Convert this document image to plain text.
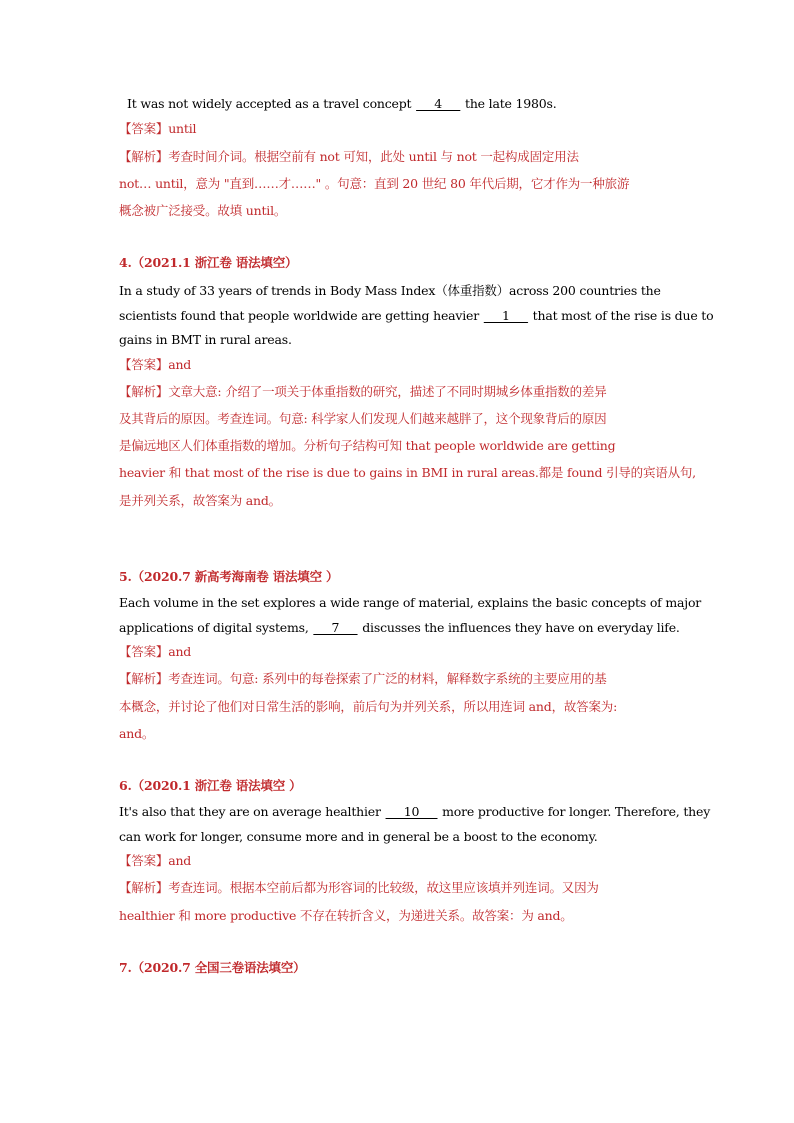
It was not widely accepted as a travel concept ___4___ the late 1980s.
【答案】until
【解析】考查时间介词。根据空前有 not 可知，此处 until 与 not 一起构成固定用法
not… until，意为 "直到……才……" 。句意：直到 20 世纪 80 年代后期，它才作为一种旅游
概念被广泛接受。故填 until。
4.（2021.1 浙江卷 语法填空）
In a study of 33 years of trends in Body Mass Index（体重指数）across 200 countries the
scientists found that people worldwide are getting heavier ___1___ that most of the rise is due to
gains in BMT in rural areas.
【答案】and
【解析】文章大意: 介绍了一项关于体重指数的研究，描述了不同时期城乡体重指数的差异
及其背后的原因。考查连词。句意: 科学家人们发现人们越来越胖了，这个现象背后的原因
是偏远地区人们体重指数的增加。分析句子结构可知 that people worldwide are getting
heavier 和 that most of the rise is due to gains in BMI in rural areas.都是 found 引导的宾语从句,
是并列关系，故答案为 and。
5.（2020.7 新高考海南卷 语法填空 ）
Each volume in the set explores a wide range of material, explains the basic concepts of major
applications of digital systems, ___7___ discusses the influences they have on everyday life.
【答案】and
【解析】考查连词。句意: 系列中的每卷探索了广泛的材料，解释数字系统的主要应用的基
本概念，并讨论了他们对日常生活的影响，前后句为并列关系，所以用连词 and，故答案为:
and。
6.（2020.1 浙江卷 语法填空 ）
It's also that they are on average healthier ___10___ more productive for longer. Therefore, they
can work for longer, consume more and in general be a boost to the economy.
【答案】and
【解析】考查连词。根据本空前后都为形容词的比较级，故这里应该填并列连词。又因为
healthier 和 more productive 不存在转折含义，为递进关系。故答案：为 and。
7.（2020.7 全国三卷语法填空）
